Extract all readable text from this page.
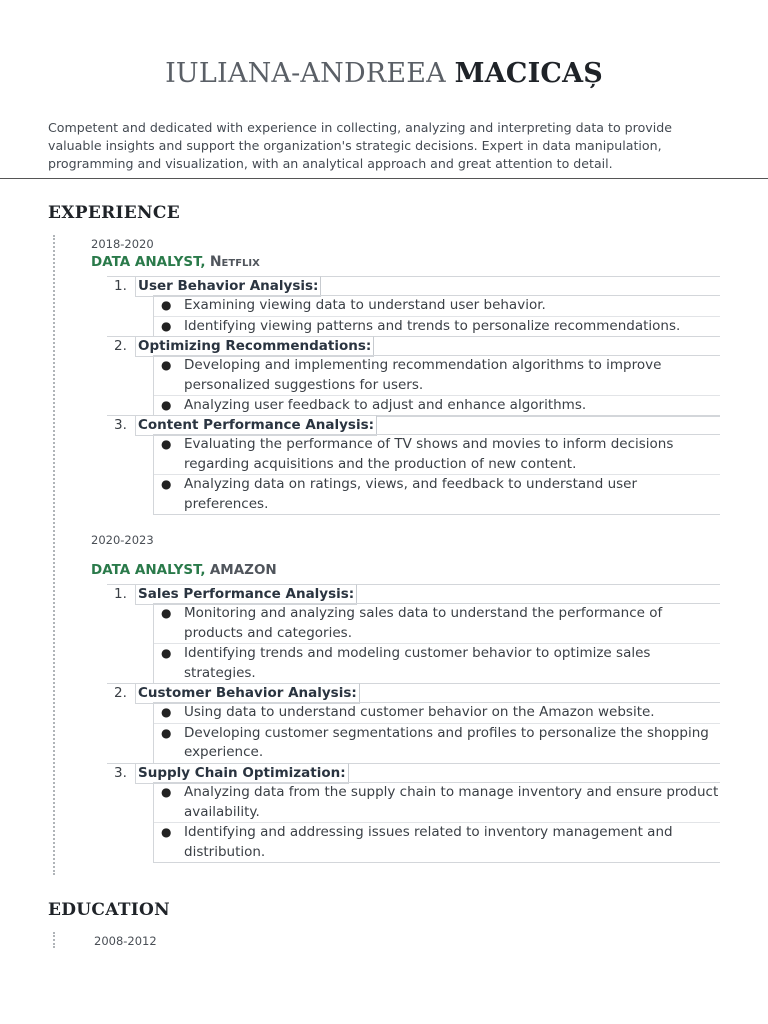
IULIANA-ANDREEA MACICAȘ
Competent and dedicated with experience in collecting, analyzing and interpreting data to provide valuable insights and support the organization's strategic decisions. Expert in data manipulation, programming and visualization, with an analytical approach and great attention to detail.
EXPERIENCE
2018-2020
DATA ANALYST, Netflix
1. User Behavior Analysis:
● Examining viewing data to understand user behavior.
● Identifying viewing patterns and trends to personalize recommendations.
2. Optimizing Recommendations:
● Developing and implementing recommendation algorithms to improve personalized suggestions for users.
● Analyzing user feedback to adjust and enhance algorithms.
3. Content Performance Analysis:
● Evaluating the performance of TV shows and movies to inform decisions regarding acquisitions and the production of new content.
● Analyzing data on ratings, views, and feedback to understand user preferences.
2020-2023
DATA ANALYST, AMAZON
1. Sales Performance Analysis:
● Monitoring and analyzing sales data to understand the performance of products and categories.
● Identifying trends and modeling customer behavior to optimize sales strategies.
2. Customer Behavior Analysis:
● Using data to understand customer behavior on the Amazon website.
● Developing customer segmentations and profiles to personalize the shopping experience.
3. Supply Chain Optimization:
● Analyzing data from the supply chain to manage inventory and ensure product availability.
● Identifying and addressing issues related to inventory management and distribution.
EDUCATION
2008-2012
